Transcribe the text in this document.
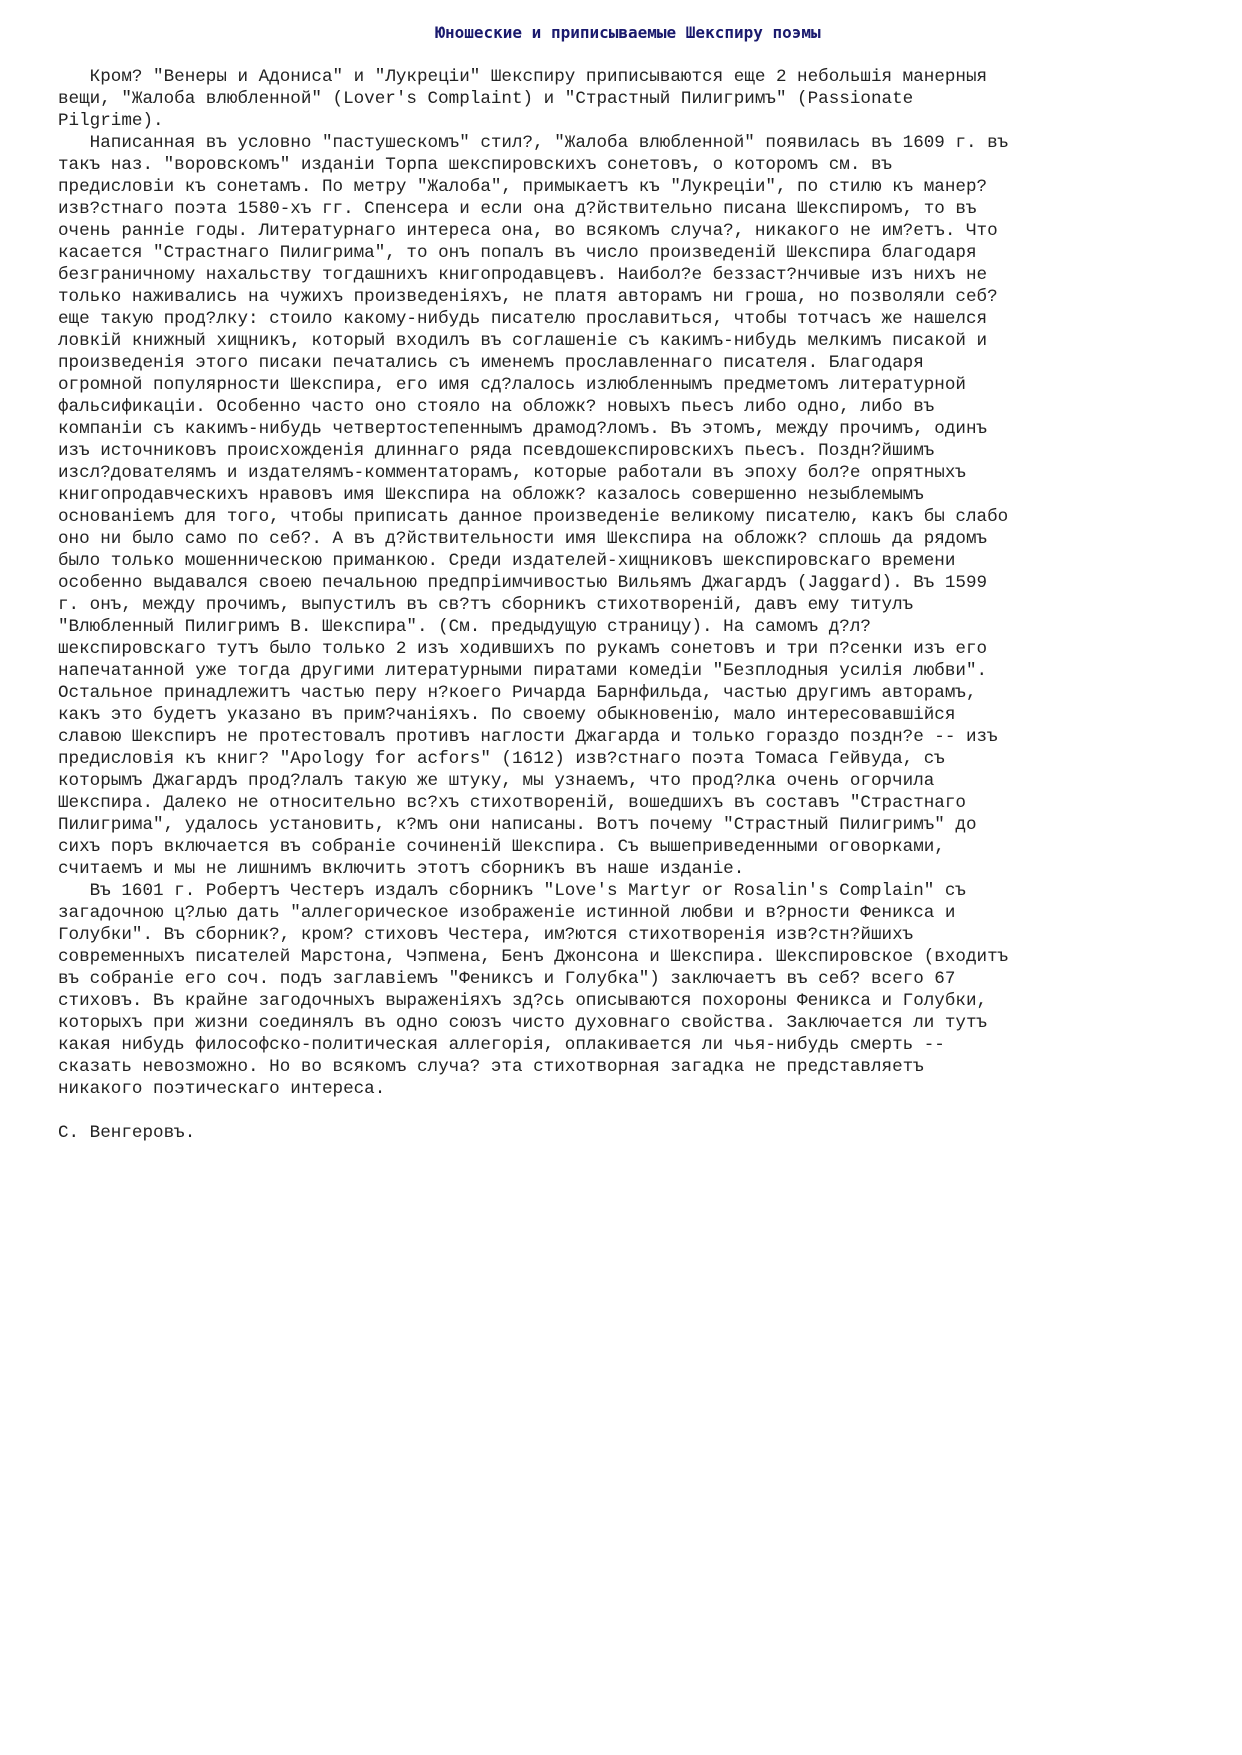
Юношеские и приписываемые Шекспиру поэмы

Кром? "Венеры и Адониса" и "Лукреціи" Шекспиру приписываются еще 2 небольшія манерныя
вещи, "Жалоба влюбленной" (Lover's Complaint) и "Страстный Пилигримъ" (Passionate
Pilgrime).

Написанная въ условно "пастушескомъ" стил?, "Жалоба влюбленной" появилась въ 1609 г. въ
такъ наз. "воровскомъ" изданіи Торпа шекспировскихъ сонетовъ, о которомъ см. въ
предисловіи къ сонетамъ. По метру "Жалоба", примыкаетъ къ "Лукреціи", по стилю къ манер?
изв?стнаго поэта 1580-хъ гг. Спенсера и если она д?йствительно писана Шекспиромъ, то въ
очень ранніе годы. Литературнаго интереса она, во всякомъ случа?, никакого не им?етъ. Что
касается "Страстнаго Пилигрима", то онъ попалъ въ число произведеній Шекспира благодаря
безграничному нахальству тогдашнихъ книгопродавцевъ. Наибол?е беззаст?нчивые изъ нихъ не
только наживались на чужихъ произведеніяхъ, не платя авторамъ ни гроша, но позволяли себ?
еще такую прод?лку: стоило какому-нибудь писателю прославиться, чтобы тотчасъ же нашелся
ловкій книжный хищникъ, который входилъ въ соглашеніе съ какимъ-нибудь мелкимъ писакой и
произведенія этого писаки печатались съ именемъ прославленнаго писателя. Благодаря
огромной популярности Шекспира, его имя сд?лалось излюбленнымъ предметомъ литературной
фальсификаціи. Особенно часто оно стояло на обложк? новыхъ пьесъ либо одно, либо въ
компаніи съ какимъ-нибудь четвертостепеннымъ драмод?ломъ. Въ этомъ, между прочимъ, одинъ
изъ источниковъ происхожденія длиннаго ряда псевдошекспировскихъ пьесъ. Поздн?йшимъ
изсл?дователямъ и издателямъ-комментаторамъ, которые работали въ эпоху бол?е опрятныхъ
книгопродавческихъ нравовъ имя Шекспира на обложк? казалось совершенно незыблемымъ
основаніемъ для того, чтобы приписать данное произведеніе великому писателю, какъ бы слабо
оно ни было само по себ?. А въ д?йствительности имя Шекспира на обложк? сплошь да рядомъ
было только мошенническою приманкою. Среди издателей-хищниковъ шекспировскаго времени
особенно выдавался своею печальною предпріимчивостью Вильямъ Джагардъ (Jaggard). Въ 1599
г. онъ, между прочимъ, выпустилъ въ св?тъ сборникъ стихотвореній, давъ ему титулъ
"Влюбленный Пилигримъ В. Шекспира". (См. предыдущую страницу). На самомъ д?л?
шекспировскаго тутъ было только 2 изъ ходившихъ по рукамъ сонетовъ и три п?сенки изъ его
напечатанной уже тогда другими литературными пиратами комедіи "Безплодныя усилія любви".
Остальное принадлежитъ частью перу н?коего Ричарда Барнфильда, частью другимъ авторамъ,
какъ это будетъ указано въ прим?чаніяхъ. По своему обыкновенію, мало интересовавшійся
славою Шекспиръ не протестовалъ противъ наглости Джагарда и только гораздо поздн?е -- изъ
предисловія къ книг? "Apology for acfors" (1612) изв?стнаго поэта Томаса Гейвуда, съ
которымъ Джагардъ прод?лалъ такую же штуку, мы узнаемъ, что прод?лка очень огорчила
Шекспира. Далеко не относительно вс?хъ стихотвореній, вошедшихъ въ составъ "Страстнаго
Пилигрима", удалось установить, к?мъ они написаны. Вотъ почему "Страстный Пилигримъ" до
сихъ поръ включается въ собраніе сочиненій Шекспира. Съ вышеприведенными оговорками,
считаемъ и мы не лишнимъ включить этотъ сборникъ въ наше изданіе.

Въ 1601 г. Робертъ Честеръ издалъ сборникъ "Love's Martyr or Rosalin's Complain" съ
загадочною ц?лью дать "аллегорическое изображеніе истинной любви и в?рности Феникса и
Голубки". Въ сборник?, кром? стиховъ Честера, им?ются стихотворенія изв?стн?йшихъ
современныхъ писателей Марстона, Чэпмена, Бенъ Джонсона и Шекспира. Шекспировское (входитъ
въ собраніе его соч. подъ заглавіемъ "Фениксъ и Голубка") заключаетъ въ себ? всего 67
стиховъ. Въ крайне загодочныхъ выраженіяхъ зд?сь описываются похороны Феникса и Голубки,
которыхъ при жизни соединялъ въ одно союзъ чисто духовнаго свойства. Заключается ли тутъ
какая нибудь философско-политическая аллегорія, оплакивается ли чья-нибудь смерть --
сказать невозможно. Но во всякомъ случа? эта стихотворная загадка не представляетъ
никакого поэтическаго интереса.

С. Венгеровъ.
